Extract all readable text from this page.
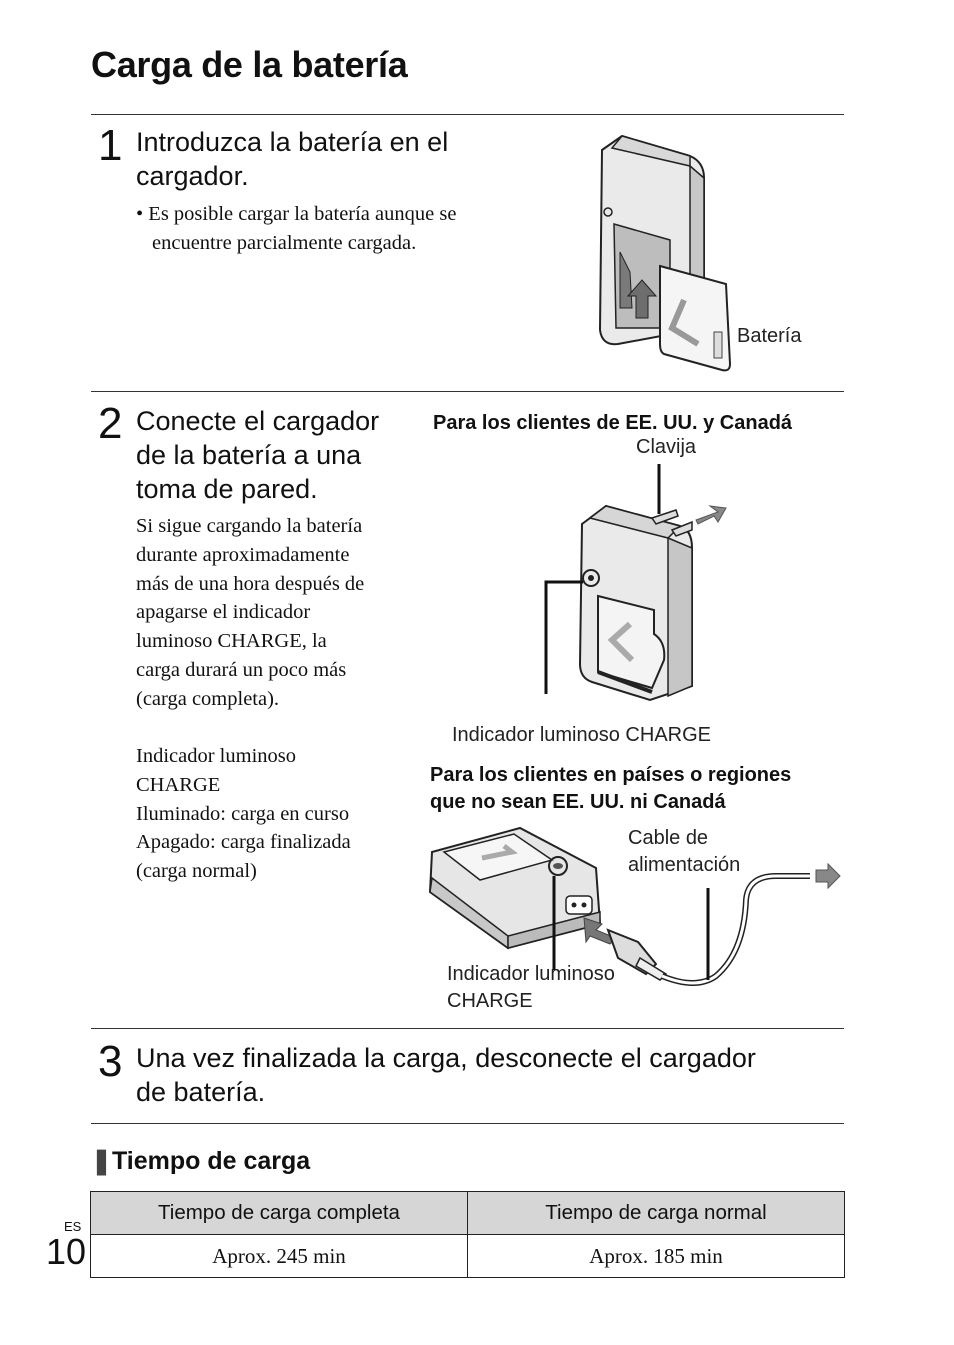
Carga de la batería
1 Introduzca la batería en el
cargador.
• Es posible cargar la batería aunque se
encuentre parcialmente cargada.
Batería
2 Conecte el cargador
de la batería a una
toma de pared.
Si sigue cargando la batería
durante aproximadamente
más de una hora después de
apagarse el indicador
luminoso CHARGE, la
carga durará un poco más
(carga completa).
Indicador luminoso
CHARGE
Iluminado: carga en curso
Apagado: carga finalizada
(carga normal)
Para los clientes de EE. UU. y Canadá
Clavija
Indicador luminoso CHARGE
Para los clientes en países o regiones
que no sean EE. UU. ni Canadá
Cable de
alimentación
Indicador luminoso
CHARGE
3 Una vez finalizada la carga, desconecte el cargador
de batería.
❚Tiempo de carga
ES
10
Tiempo de carga completa	Tiempo de carga normal
Aprox. 245 min	Aprox. 185 min
